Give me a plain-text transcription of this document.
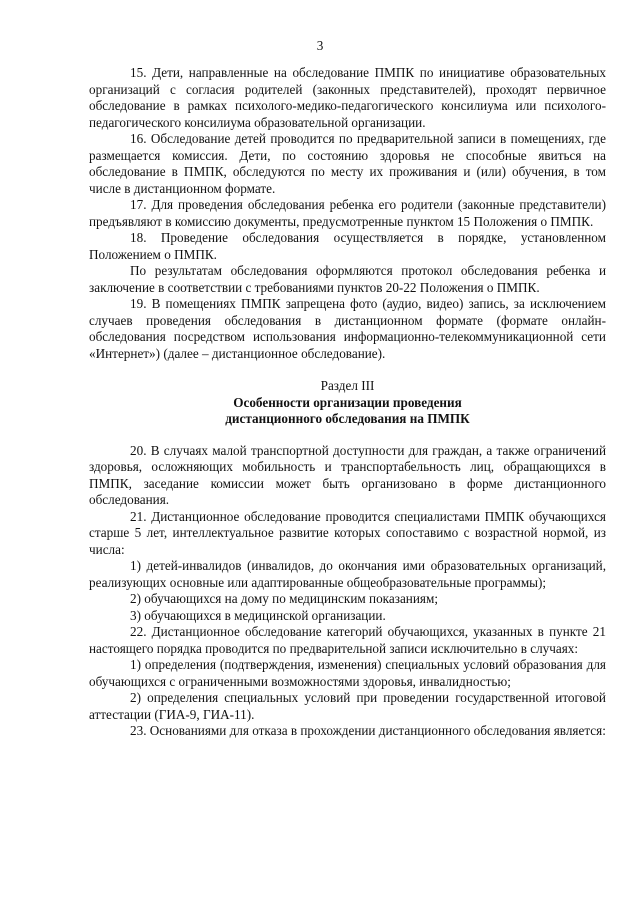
3

15. Дети, направленные на обследование ПМПК по инициативе образовательных организаций с согласия родителей (законных представителей), проходят первичное обследование в рамках психолого-медико-педагогического консилиума или психолого-педагогического консилиума образовательной организации.

16. Обследование детей проводится по предварительной записи в помещениях, где размещается комиссия. Дети, по состоянию здоровья не способные явиться на обследование в ПМПК, обследуются по месту их проживания и (или) обучения, в том числе в дистанционном формате.

17. Для проведения обследования ребенка его родители (законные представители) предъявляют в комиссию документы, предусмотренные пунктом 15 Положения о ПМПК.

18. Проведение обследования осуществляется в порядке, установленном Положением о ПМПК.

По результатам обследования оформляются протокол обследования ребенка и заключение в соответствии с требованиями пунктов 20-22 Положения о ПМПК.

19. В помещениях ПМПК запрещена фото (аудио, видео) запись, за исключением случаев проведения обследования в дистанционном формате (формате онлайн-обследования посредством использования информационно-телекоммуникационной сети «Интернет») (далее – дистанционное обследование).

Раздел III

Особенности организации проведения

дистанционного обследования на ПМПК

20. В случаях малой транспортной доступности для граждан, а также ограничений здоровья, осложняющих мобильность и транспортабельность лиц, обращающихся в ПМПК, заседание комиссии может быть организовано в форме дистанционного обследования.

21. Дистанционное обследование проводится специалистами ПМПК обучающихся старше 5 лет, интеллектуальное развитие которых сопоставимо с возрастной нормой, из числа:

1) детей-инвалидов (инвалидов, до окончания ими образовательных организаций, реализующих основные или адаптированные общеобразовательные программы);

2) обучающихся на дому по медицинским показаниям;

3) обучающихся в медицинской организации.

22. Дистанционное обследование категорий обучающихся, указанных в пункте 21 настоящего порядка проводится по предварительной записи исключительно в случаях:

1) определения (подтверждения, изменения) специальных условий образования для обучающихся с ограниченными возможностями здоровья, инвалидностью;

2) определения специальных условий при проведении государственной итоговой аттестации (ГИА-9, ГИА-11).

23. Основаниями для отказа в прохождении дистанционного обследования является:
